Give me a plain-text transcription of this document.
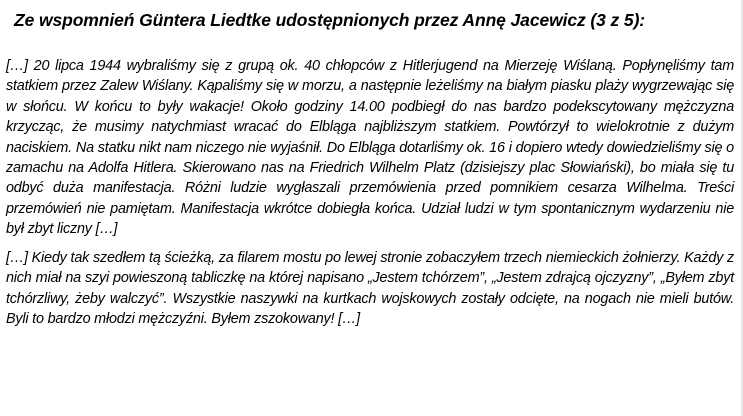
Ze wspomnień Güntera Liedtke udostępnionych przez Annę Jacewicz (3 z 5):

[…] 20 lipca 1944 wybraliśmy się z grupą ok. 40 chłopców z Hitlerjugend na Mierzeję Wiślaną. Popłynęliśmy tam statkiem przez Zalew Wiślany. Kąpaliśmy się w morzu, a następnie leżeliśmy na białym piasku plaży wygrzewając się w słońcu. W końcu to były wakacje! Około godziny 14.00 podbiegł do nas bardzo podekscytowany mężczyzna krzycząc, że musimy natychmiast wracać do Elbląga najbliższym statkiem. Powtórzył to wielokrotnie z dużym naciskiem. Na statku nikt nam niczego nie wyjaśnił. Do Elbląga dotarliśmy ok. 16 i dopiero wtedy dowiedzieliśmy się o zamachu na Adolfa Hitlera. Skierowano nas na Friedrich Wilhelm Platz (dzisiejszy plac Słowiański), bo miała się tu odbyć duża manifestacja. Różni ludzie wygłaszali przemówienia przed pomnikiem cesarza Wilhelma. Treści przemówień nie pamiętam. Manifestacja wkrótce dobiegła końca. Udział ludzi w tym spontanicznym wydarzeniu nie był zbyt liczny […]

[…] Kiedy tak szedłem tą ścieżką, za filarem mostu po lewej stronie zobaczyłem trzech niemieckich żołnierzy. Każdy z nich miał na szyi powieszoną tabliczkę na której napisano „Jestem tchórzem”, „Jestem zdrajcą ojczyzny”, „Byłem zbyt tchórzliwy, żeby walczyć”. Wszystkie naszywki na kurtkach wojskowych zostały odcięte, na nogach nie mieli butów. Byli to bardzo młodzi mężczyźni. Byłem zszokowany! […]
